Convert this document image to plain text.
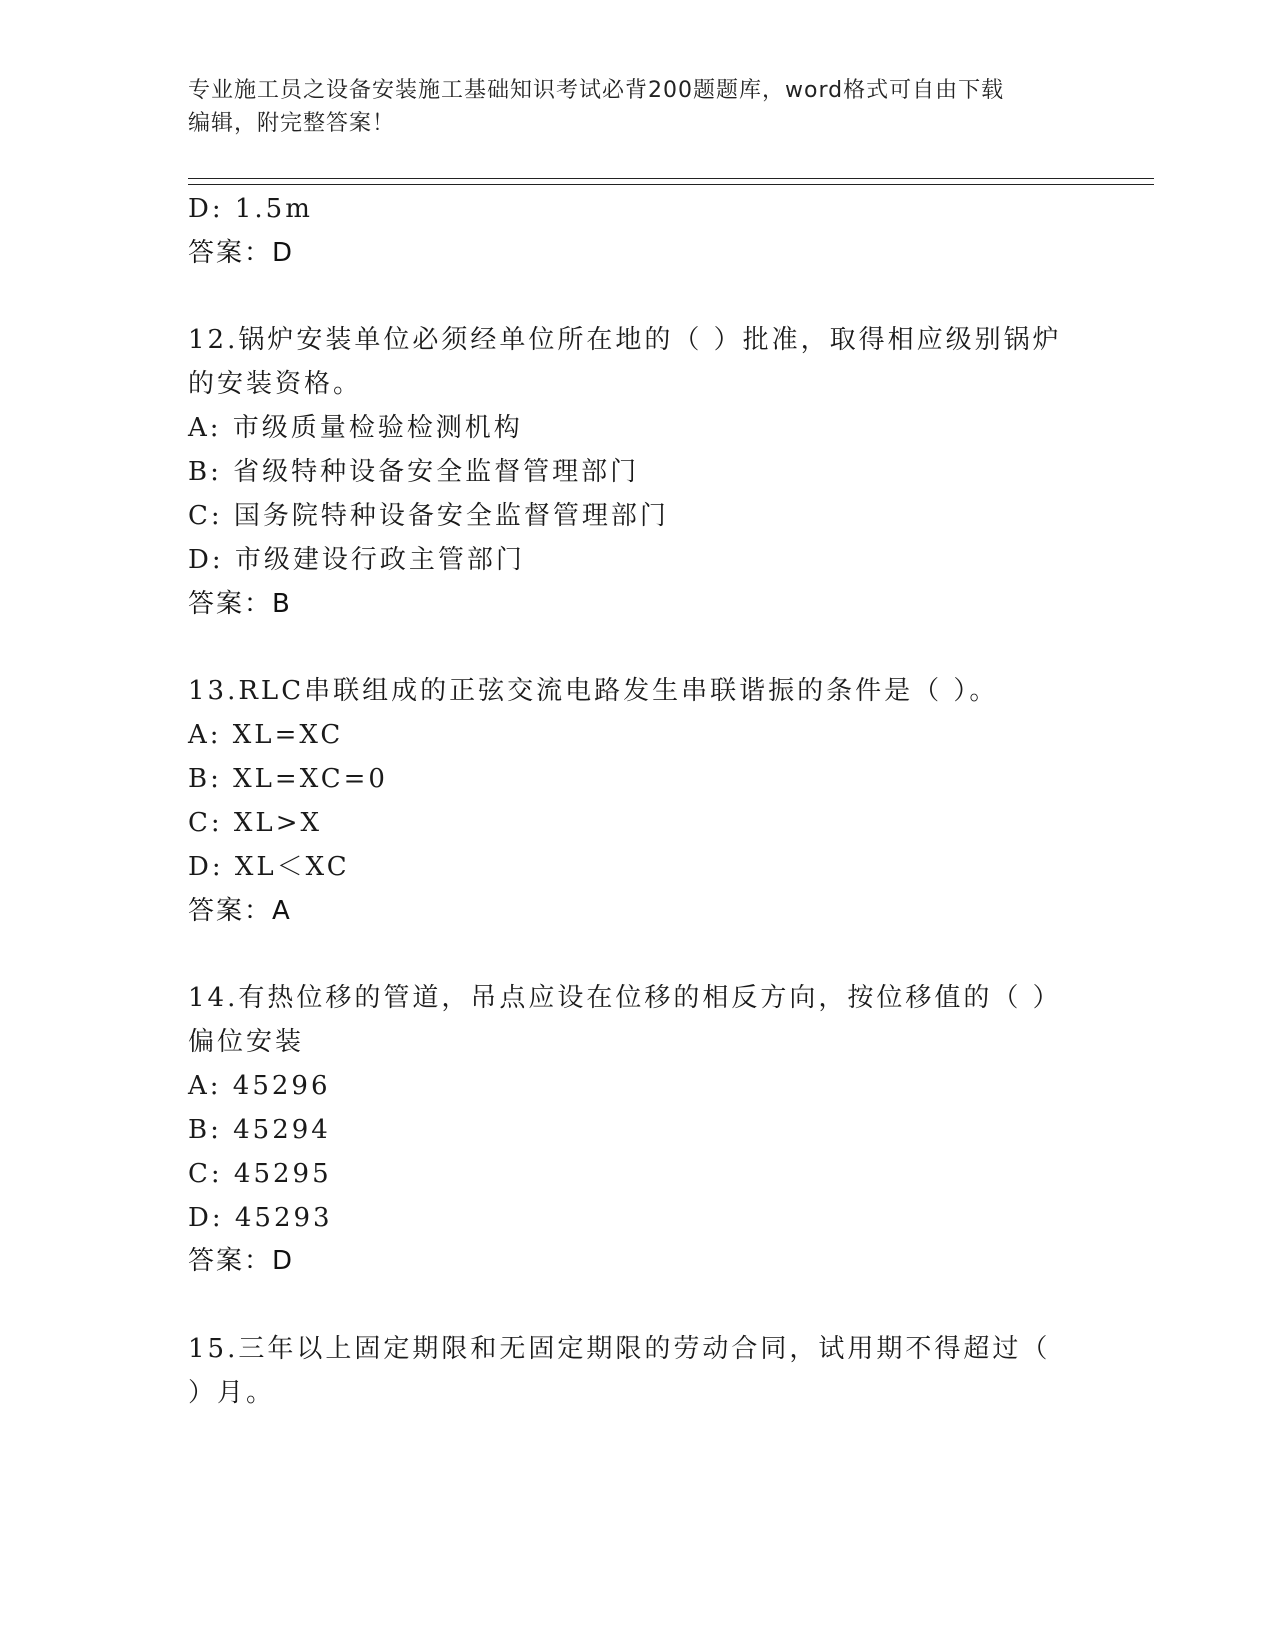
专业施工员之设备安装施工基础知识考试必背200题题库，word格式可自由下载
编辑，附完整答案！
D: 1.5m
答案：D
12.锅炉安装单位必须经单位所在地的（ ）批准，取得相应级别锅炉
的安装资格。
A: 市级质量检验检测机构
B: 省级特种设备安全监督管理部门
C: 国务院特种设备安全监督管理部门
D: 市级建设行政主管部门
答案：B
13.RLC串联组成的正弦交流电路发生串联谐振的条件是（ ）。
A: XL=XC
B: XL=XC=0
C: XL>X
D: XL＜XC
答案：A
14.有热位移的管道，吊点应设在位移的相反方向，按位移值的（ ）
偏位安装
A: 45296
B: 45294
C: 45295
D: 45293
答案：D
15.三年以上固定期限和无固定期限的劳动合同，试用期不得超过（
）月。
